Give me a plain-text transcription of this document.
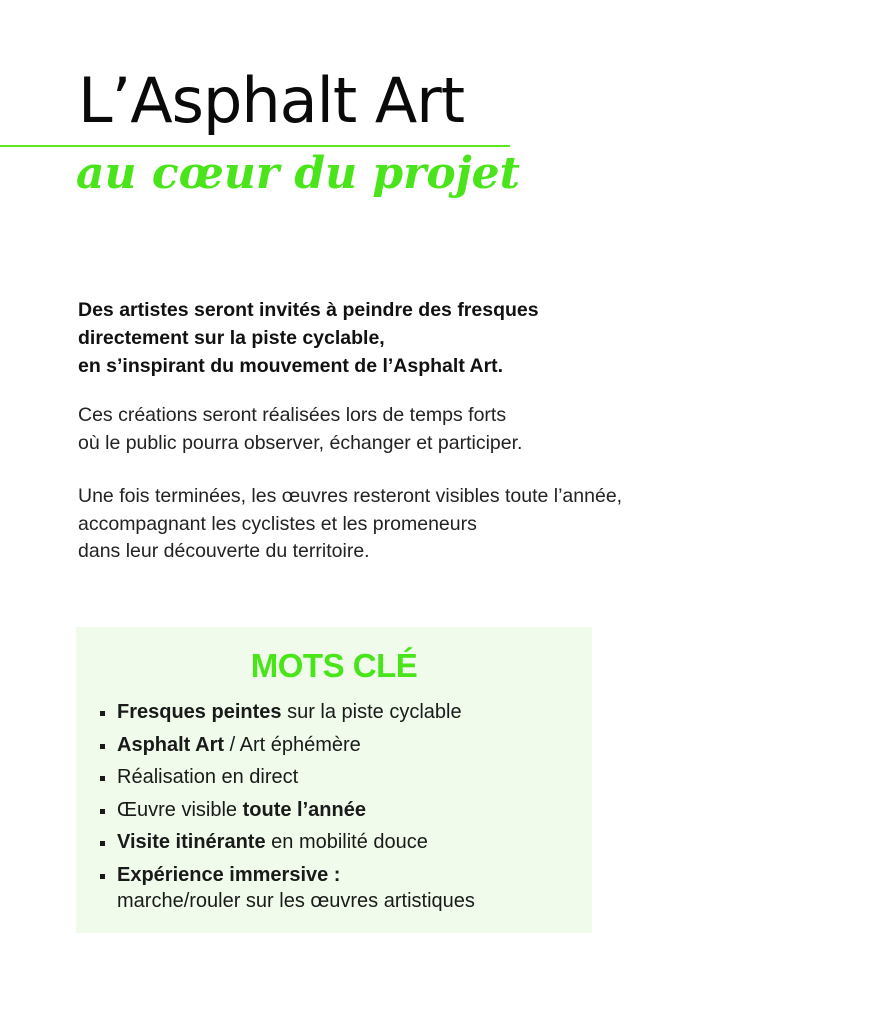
L’Asphalt Art
au cœur du projet

Des artistes seront invités à peindre des fresques
directement sur la piste cyclable,
en s’inspirant du mouvement de l’Asphalt Art.

Ces créations seront réalisées lors de temps forts
où le public pourra observer, échanger et participer.

Une fois terminées, les œuvres resteront visibles toute l’année,
accompagnant les cyclistes et les promeneurs
dans leur découverte du territoire.

MOTS CLÉ
Fresques peintes sur la piste cyclable
Asphalt Art / Art éphémère
Réalisation en direct
Œuvre visible toute l’année
Visite itinérante en mobilité douce
Expérience immersive :
marche/rouler sur les œuvres artistiques
